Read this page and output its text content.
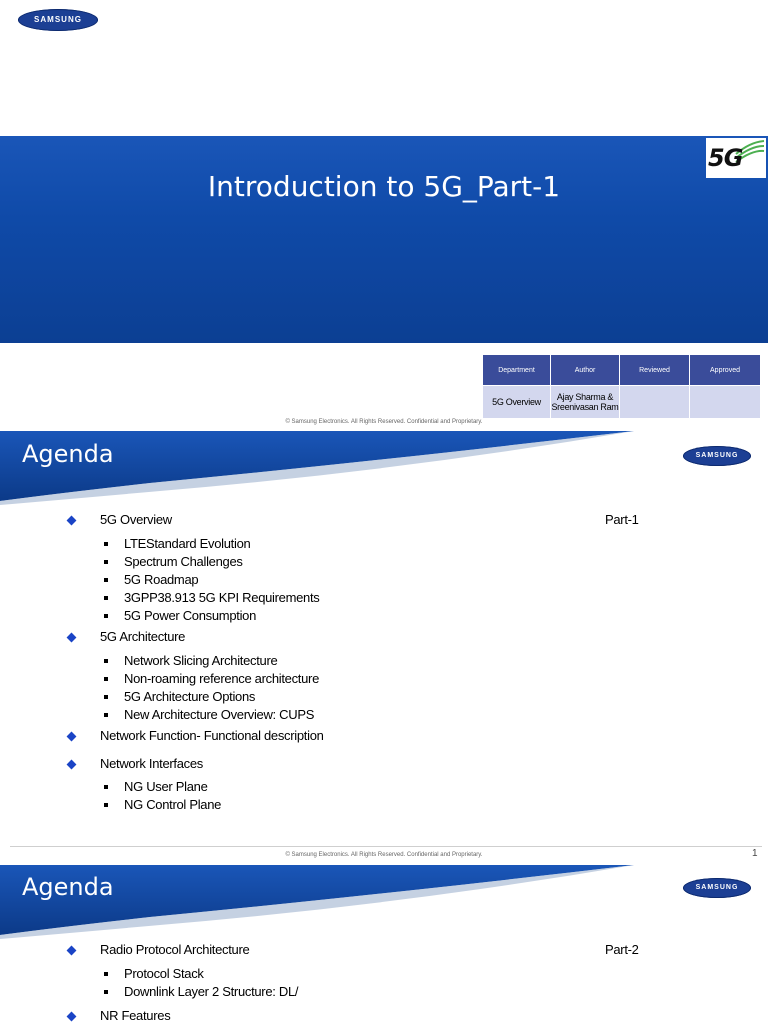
SAMSUNG
Introduction to 5G_Part-1
5G
Department	Author	Reviewed	Approved
5G Overview	Ajay Sharma & Sreenivasan Ram		
© Samsung Electronics. All Rights Reserved. Confidential and Proprietary.
Agenda	SAMSUNG
Part-1
5G Overview
LTEStandard Evolution
Spectrum Challenges
5G Roadmap
3GPP38.913 5G KPI Requirements
5G Power Consumption
5G Architecture
Network Slicing Architecture
Non-roaming reference architecture
5G Architecture Options
New Architecture Overview: CUPS
Network Function- Functional description
Network Interfaces
NG User Plane
NG Control Plane
© Samsung Electronics. All Rights Reserved. Confidential and Proprietary.	1
Agenda	SAMSUNG
Part-2
Radio Protocol Architecture
Protocol Stack
Downlink Layer 2 Structure: DL/
NR Features
